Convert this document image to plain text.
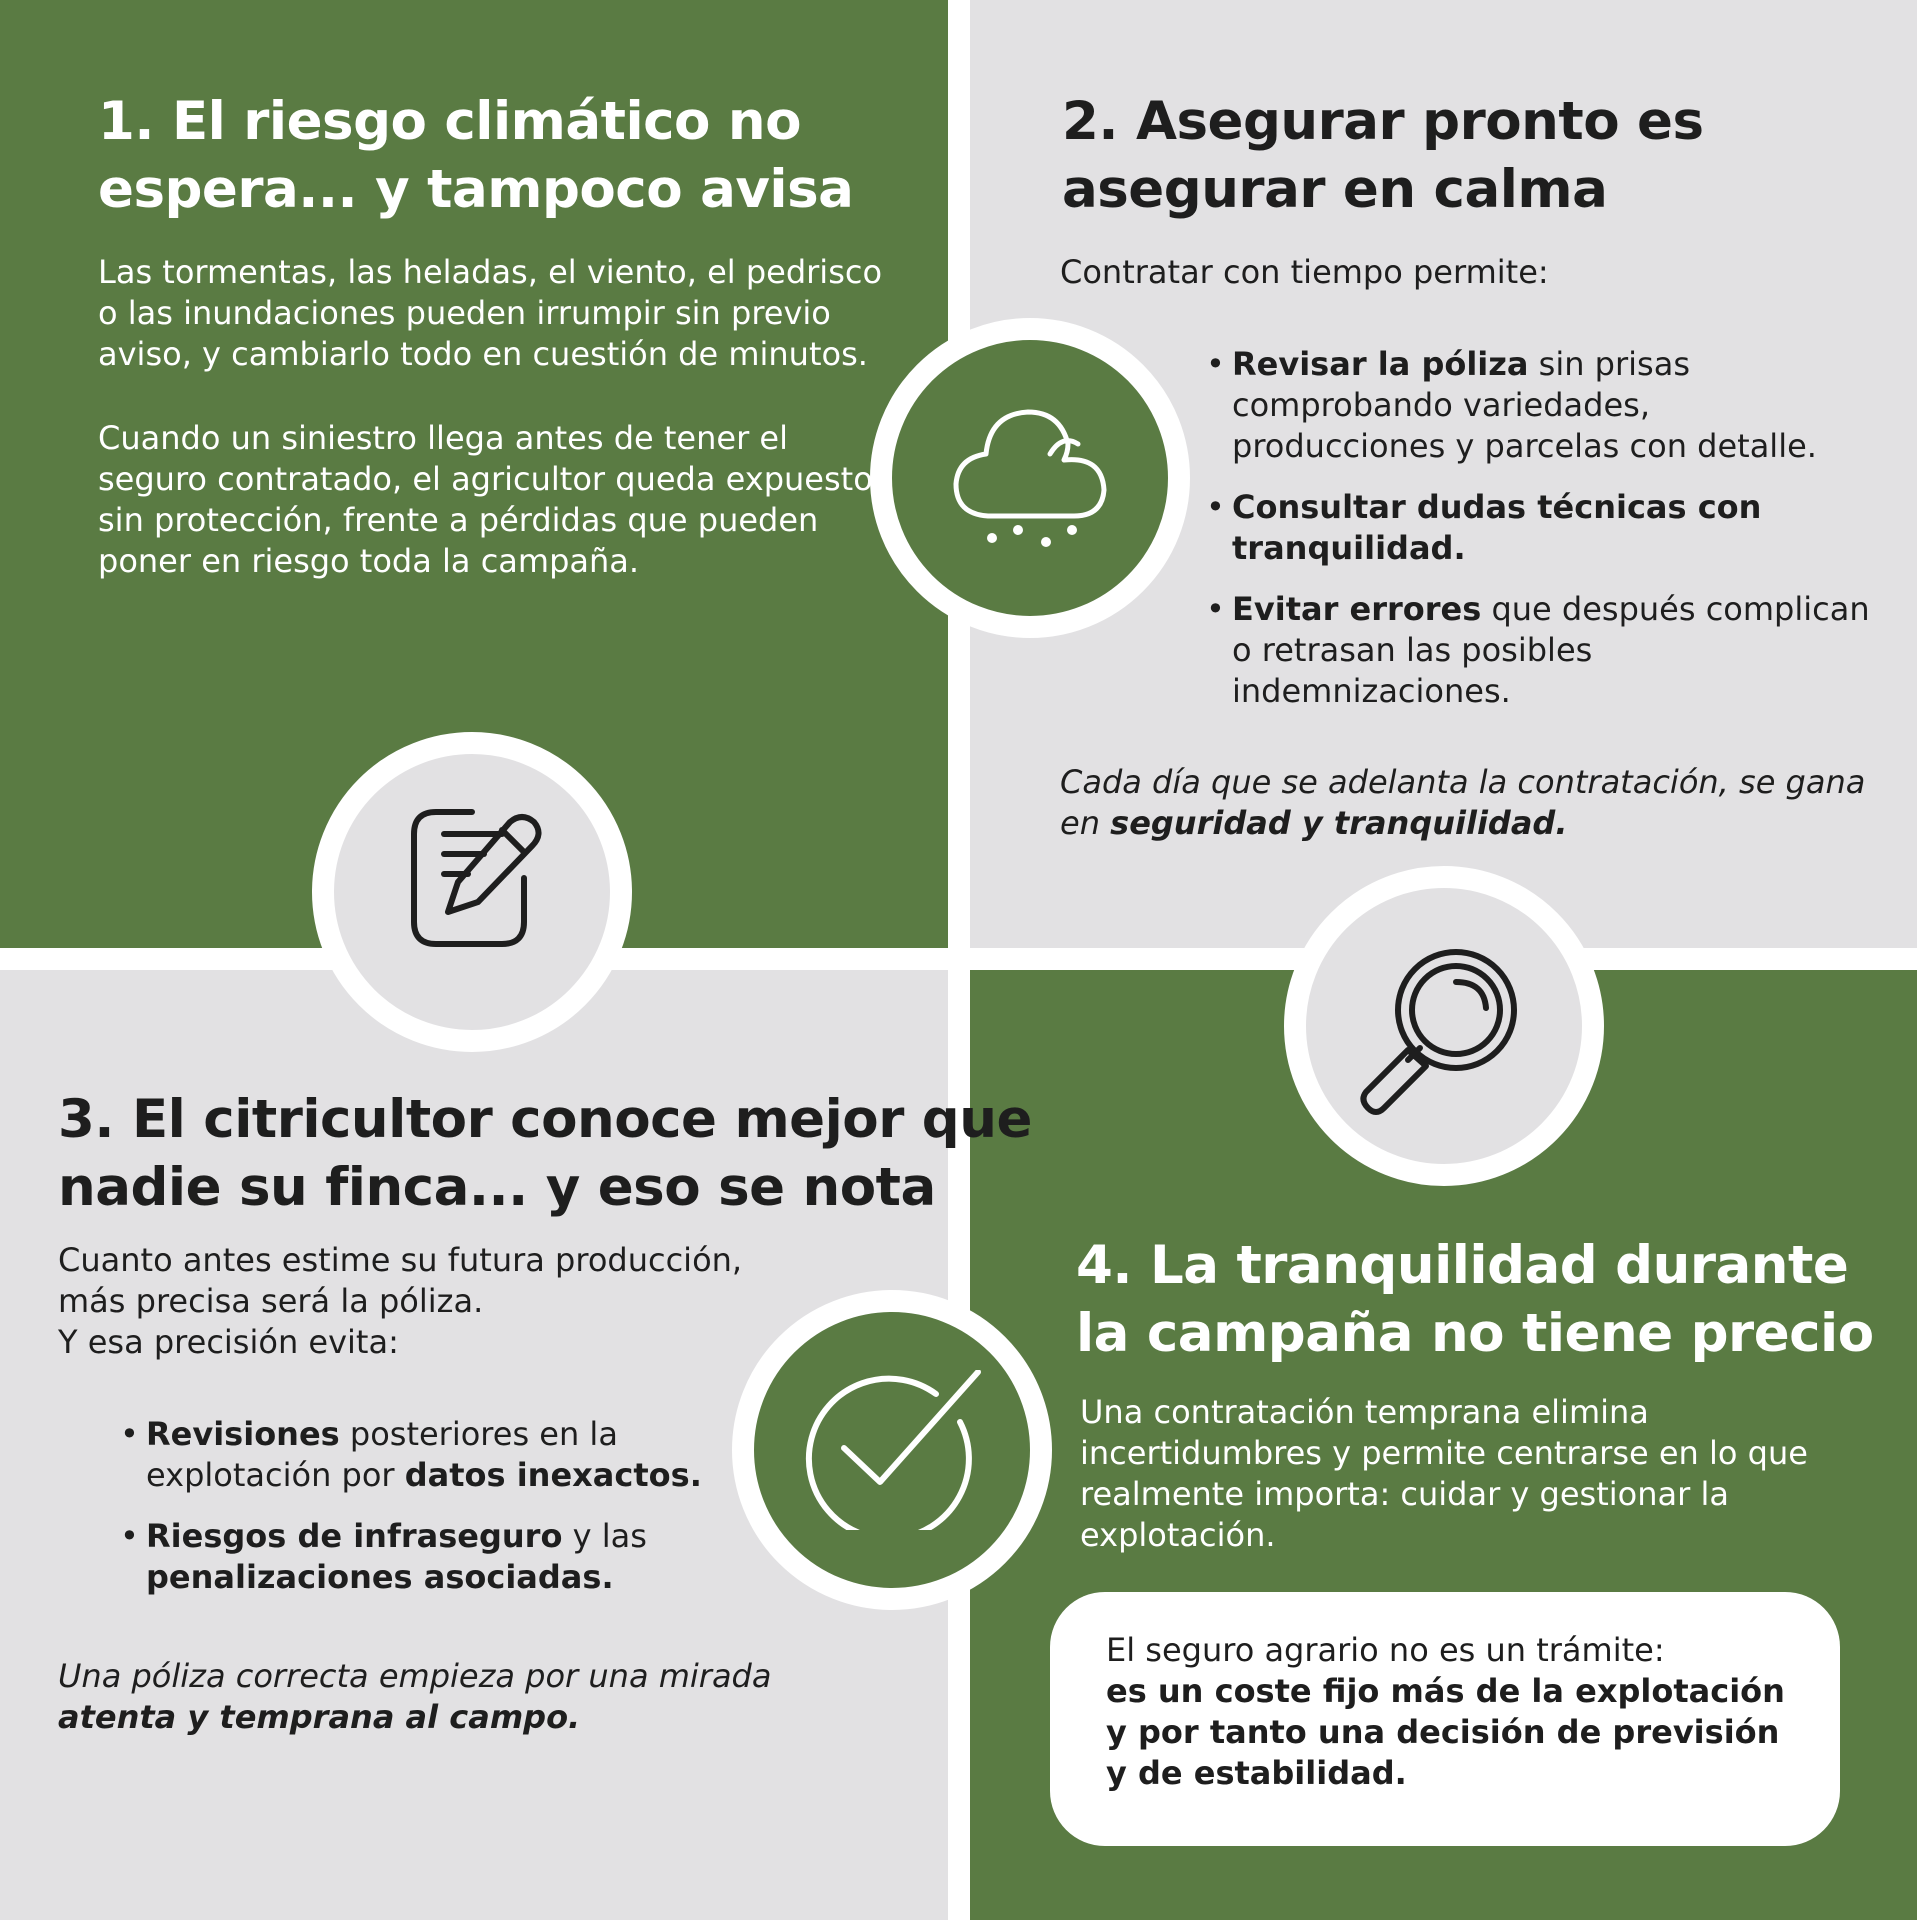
1. El riesgo climático no
espera... y tampoco avisa

Las tormentas, las heladas, el viento, el pedrisco
o las inundaciones pueden irrumpir sin previo
aviso, y cambiarlo todo en cuestión de minutos.

Cuando un siniestro llega antes de tener el
seguro contratado, el agricultor queda expuesto,
sin protección, frente a pérdidas que pueden
poner en riesgo toda la campaña.

2. Asegurar pronto es
asegurar en calma

Contratar con tiempo permite:

• Revisar la póliza sin prisas
comprobando variedades,
producciones y parcelas con detalle.
• Consultar dudas técnicas con
tranquilidad.
• Evitar errores que después complican
o retrasan las posibles
indemnizaciones.

Cada día que se adelanta la contratación, se gana
en seguridad y tranquilidad.

3. El citricultor conoce mejor que
nadie su finca... y eso se nota

Cuanto antes estime su futura producción,
más precisa será la póliza.
Y esa precisión evita:

• Revisiones posteriores en la
explotación por datos inexactos.
• Riesgos de infraseguro y las
penalizaciones asociadas.

Una póliza correcta empieza por una mirada
atenta y temprana al campo.

4. La tranquilidad durante
la campaña no tiene precio

Una contratación temprana elimina
incertidumbres y permite centrarse en lo que
realmente importa: cuidar y gestionar la
explotación.

El seguro agrario no es un trámite:
es un coste fijo más de la explotación
y por tanto una decisión de previsión
y de estabilidad.
